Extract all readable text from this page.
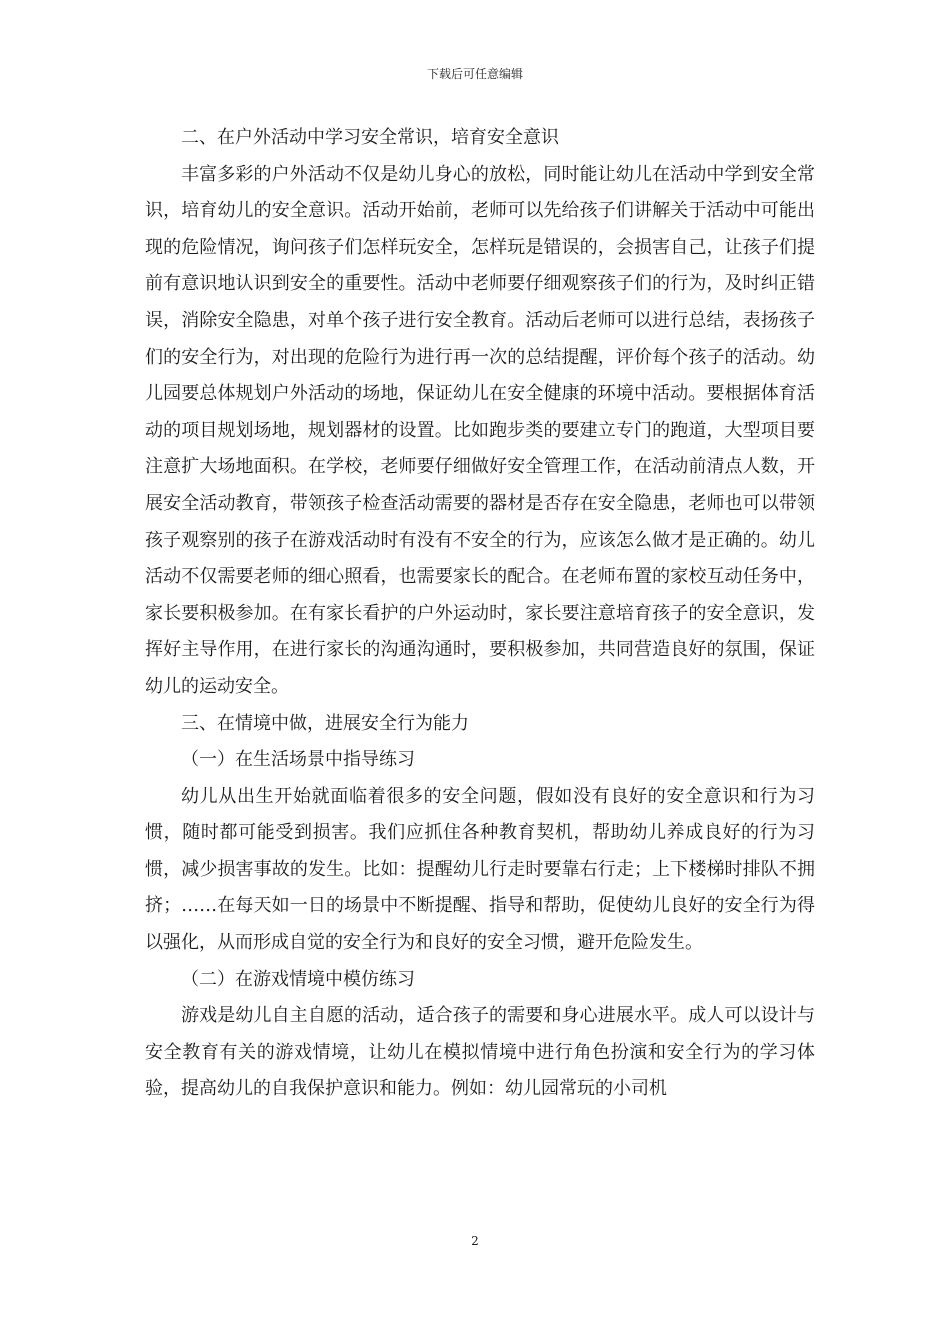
下载后可任意编辑

二、在户外活动中学习安全常识，培育安全意识

丰富多彩的户外活动不仅是幼儿身心的放松，同时能让幼儿在活动中学到安全常识，培育幼儿的安全意识。活动开始前，老师可以先给孩子们讲解关于活动中可能出现的危险情况，询问孩子们怎样玩安全，怎样玩是错误的，会损害自己，让孩子们提前有意识地认识到安全的重要性。活动中老师要仔细观察孩子们的行为，及时纠正错误，消除安全隐患，对单个孩子进行安全教育。活动后老师可以进行总结，表扬孩子们的安全行为，对出现的危险行为进行再一次的总结提醒，评价每个孩子的活动。幼儿园要总体规划户外活动的场地，保证幼儿在安全健康的环境中活动。要根据体育活动的项目规划场地，规划器材的设置。比如跑步类的要建立专门的跑道，大型项目要注意扩大场地面积。在学校，老师要仔细做好安全管理工作，在活动前清点人数，开展安全活动教育，带领孩子检查活动需要的器材是否存在安全隐患，老师也可以带领孩子观察别的孩子在游戏活动时有没有不安全的行为，应该怎么做才是正确的。幼儿活动不仅需要老师的细心照看，也需要家长的配合。在老师布置的家校互动任务中，家长要积极参加。在有家长看护的户外运动时，家长要注意培育孩子的安全意识，发挥好主导作用，在进行家长的沟通沟通时，要积极参加，共同营造良好的氛围，保证幼儿的运动安全。

三、在情境中做，进展安全行为能力

（一）在生活场景中指导练习

幼儿从出生开始就面临着很多的安全问题，假如没有良好的安全意识和行为习惯，随时都可能受到损害。我们应抓住各种教育契机，帮助幼儿养成良好的行为习惯，减少损害事故的发生。比如：提醒幼儿行走时要靠右行走；上下楼梯时排队不拥挤；……在每天如一日的场景中不断提醒、指导和帮助，促使幼儿良好的安全行为得以强化，从而形成自觉的安全行为和良好的安全习惯，避开危险发生。

（二）在游戏情境中模仿练习

游戏是幼儿自主自愿的活动，适合孩子的需要和身心进展水平。成人可以设计与安全教育有关的游戏情境，让幼儿在模拟情境中进行角色扮演和安全行为的学习体验，提高幼儿的自我保护意识和能力。例如：幼儿园常玩的小司机

2
